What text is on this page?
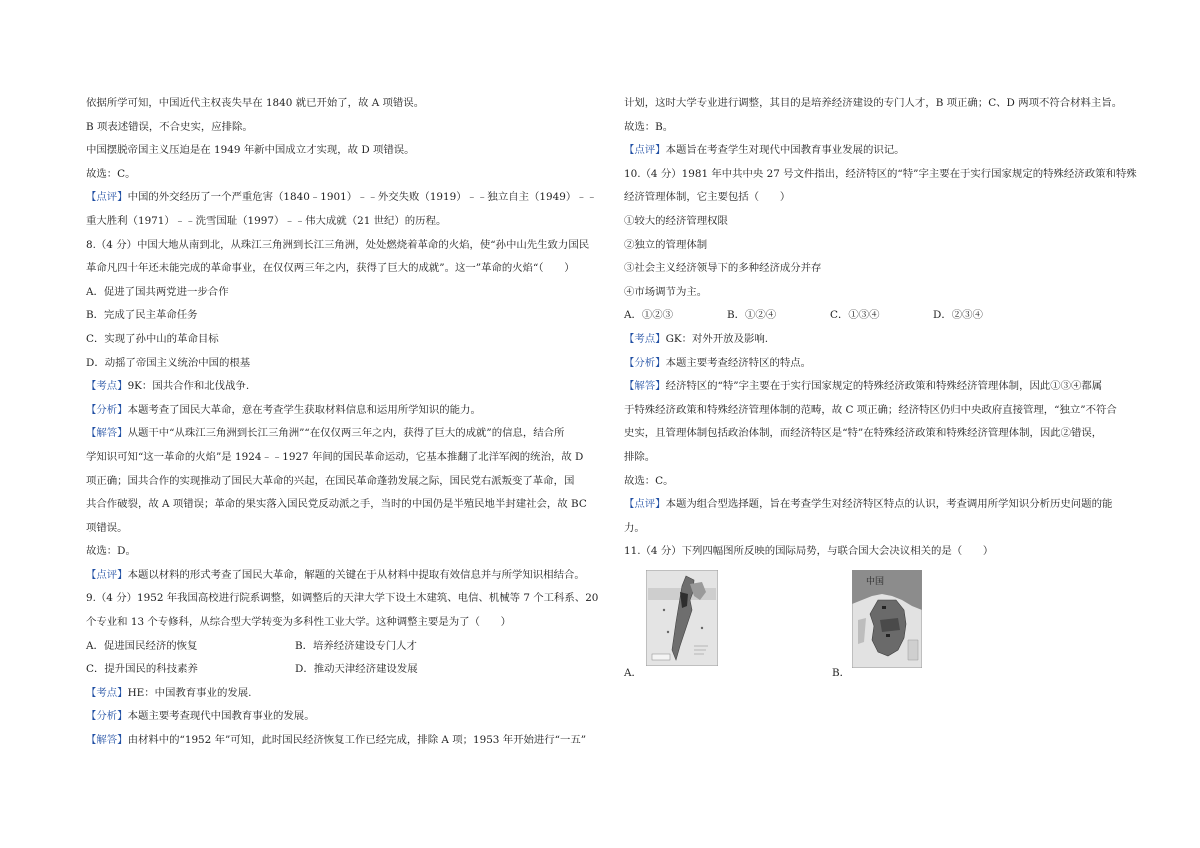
依据所学可知，中国近代主权丧失早在 1840 就已开始了，故 A 项错误。
B 项表述错误，不合史实，应排除。
中国摆脱帝国主义压迫是在 1949 年新中国成立才实现，故 D 项错误。
故选：C。
【点评】中国的外交经历了一个严重危害（1840﹣1901）﹣﹣外交失败（1919）﹣﹣独立自主（1949）﹣﹣
重大胜利（1971）﹣﹣洗雪国耻（1997）﹣﹣伟大成就（21 世纪）的历程。
8.（4 分）中国大地从南到北，从珠江三角洲到长江三角洲，处处燃烧着革命的火焰，使“孙中山先生致力国民
革命凡四十年还未能完成的革命事业，在仅仅两三年之内，获得了巨大的成就”。这一”革命的火焰“（　　）
A．促进了国共两党进一步合作
B．完成了民主革命任务
C．实现了孙中山的革命目标
D．动摇了帝国主义统治中国的根基
【考点】9K：国共合作和北伐战争.
【分析】本题考查了国民大革命，意在考查学生获取材料信息和运用所学知识的能力。
【解答】从题干中“从珠江三角洲到长江三角洲”“在仅仅两三年之内，获得了巨大的成就”的信息，结合所
学知识可知“这一革命的火焰”是 1924﹣﹣1927 年间的国民革命运动，它基本推翻了北洋军阀的统治，故 D
项正确；国共合作的实现推动了国民大革命的兴起，在国民革命蓬勃发展之际，国民党右派叛变了革命，国
共合作破裂，故 A 项错误；革命的果实落入国民党反动派之手，当时的中国仍是半殖民地半封建社会，故 BC
项错误。
故选：D。
【点评】本题以材料的形式考查了国民大革命，解题的关键在于从材料中提取有效信息并与所学知识相结合。
9.（4 分）1952 年我国高校进行院系调整，如调整后的天津大学下设土木建筑、电信、机械等 7 个工科系、20
个专业和 13 个专修科，从综合型大学转变为多科性工业大学。这种调整主要是为了（　　）
A．促进国民经济的恢复	B．培养经济建设专门人才
C．提升国民的科技素养	D．推动天津经济建设发展
【考点】HE：中国教育事业的发展.
【分析】本题主要考查现代中国教育事业的发展。
【解答】由材料中的“1952 年”可知，此时国民经济恢复工作已经完成，排除 A 项；1953 年开始进行“一五”
计划，这时大学专业进行调整，其目的是培养经济建设的专门人才，B 项正确；C、D 两项不符合材料主旨。
故选：B。
【点评】本题旨在考查学生对现代中国教育事业发展的识记。
10.（4 分）1981 年中共中央 27 号文件指出，经济特区的“特”字主要在于实行国家规定的特殊经济政策和特殊
经济管理体制，它主要包括（　　）
①较大的经济管理权限
②独立的管理体制
③社会主义经济领导下的多种经济成分并存
④市场调节为主。
A．①②③	B．①②④	C．①③④	D．②③④
【考点】GK：对外开放及影响.
【分析】本题主要考查经济特区的特点。
【解答】经济特区的“特”字主要在于实行国家规定的特殊经济政策和特殊经济管理体制，因此①③④都属
于特殊经济政策和特殊经济管理体制的范畴，故 C 项正确；经济特区仍归中央政府直接管理，“独立”不符合
史实，且管理体制包括政治体制，而经济特区是“特”在特殊经济政策和特殊经济管理体制，因此②错误，
排除。
故选：C。
【点评】本题为组合型选择题，旨在考查学生对经济特区特点的认识，考查调用所学知识分析历史问题的能
力。
11.（4 分）下列四幅图所反映的国际局势，与联合国大会决议相关的是（　　）
A．	B．
中国
